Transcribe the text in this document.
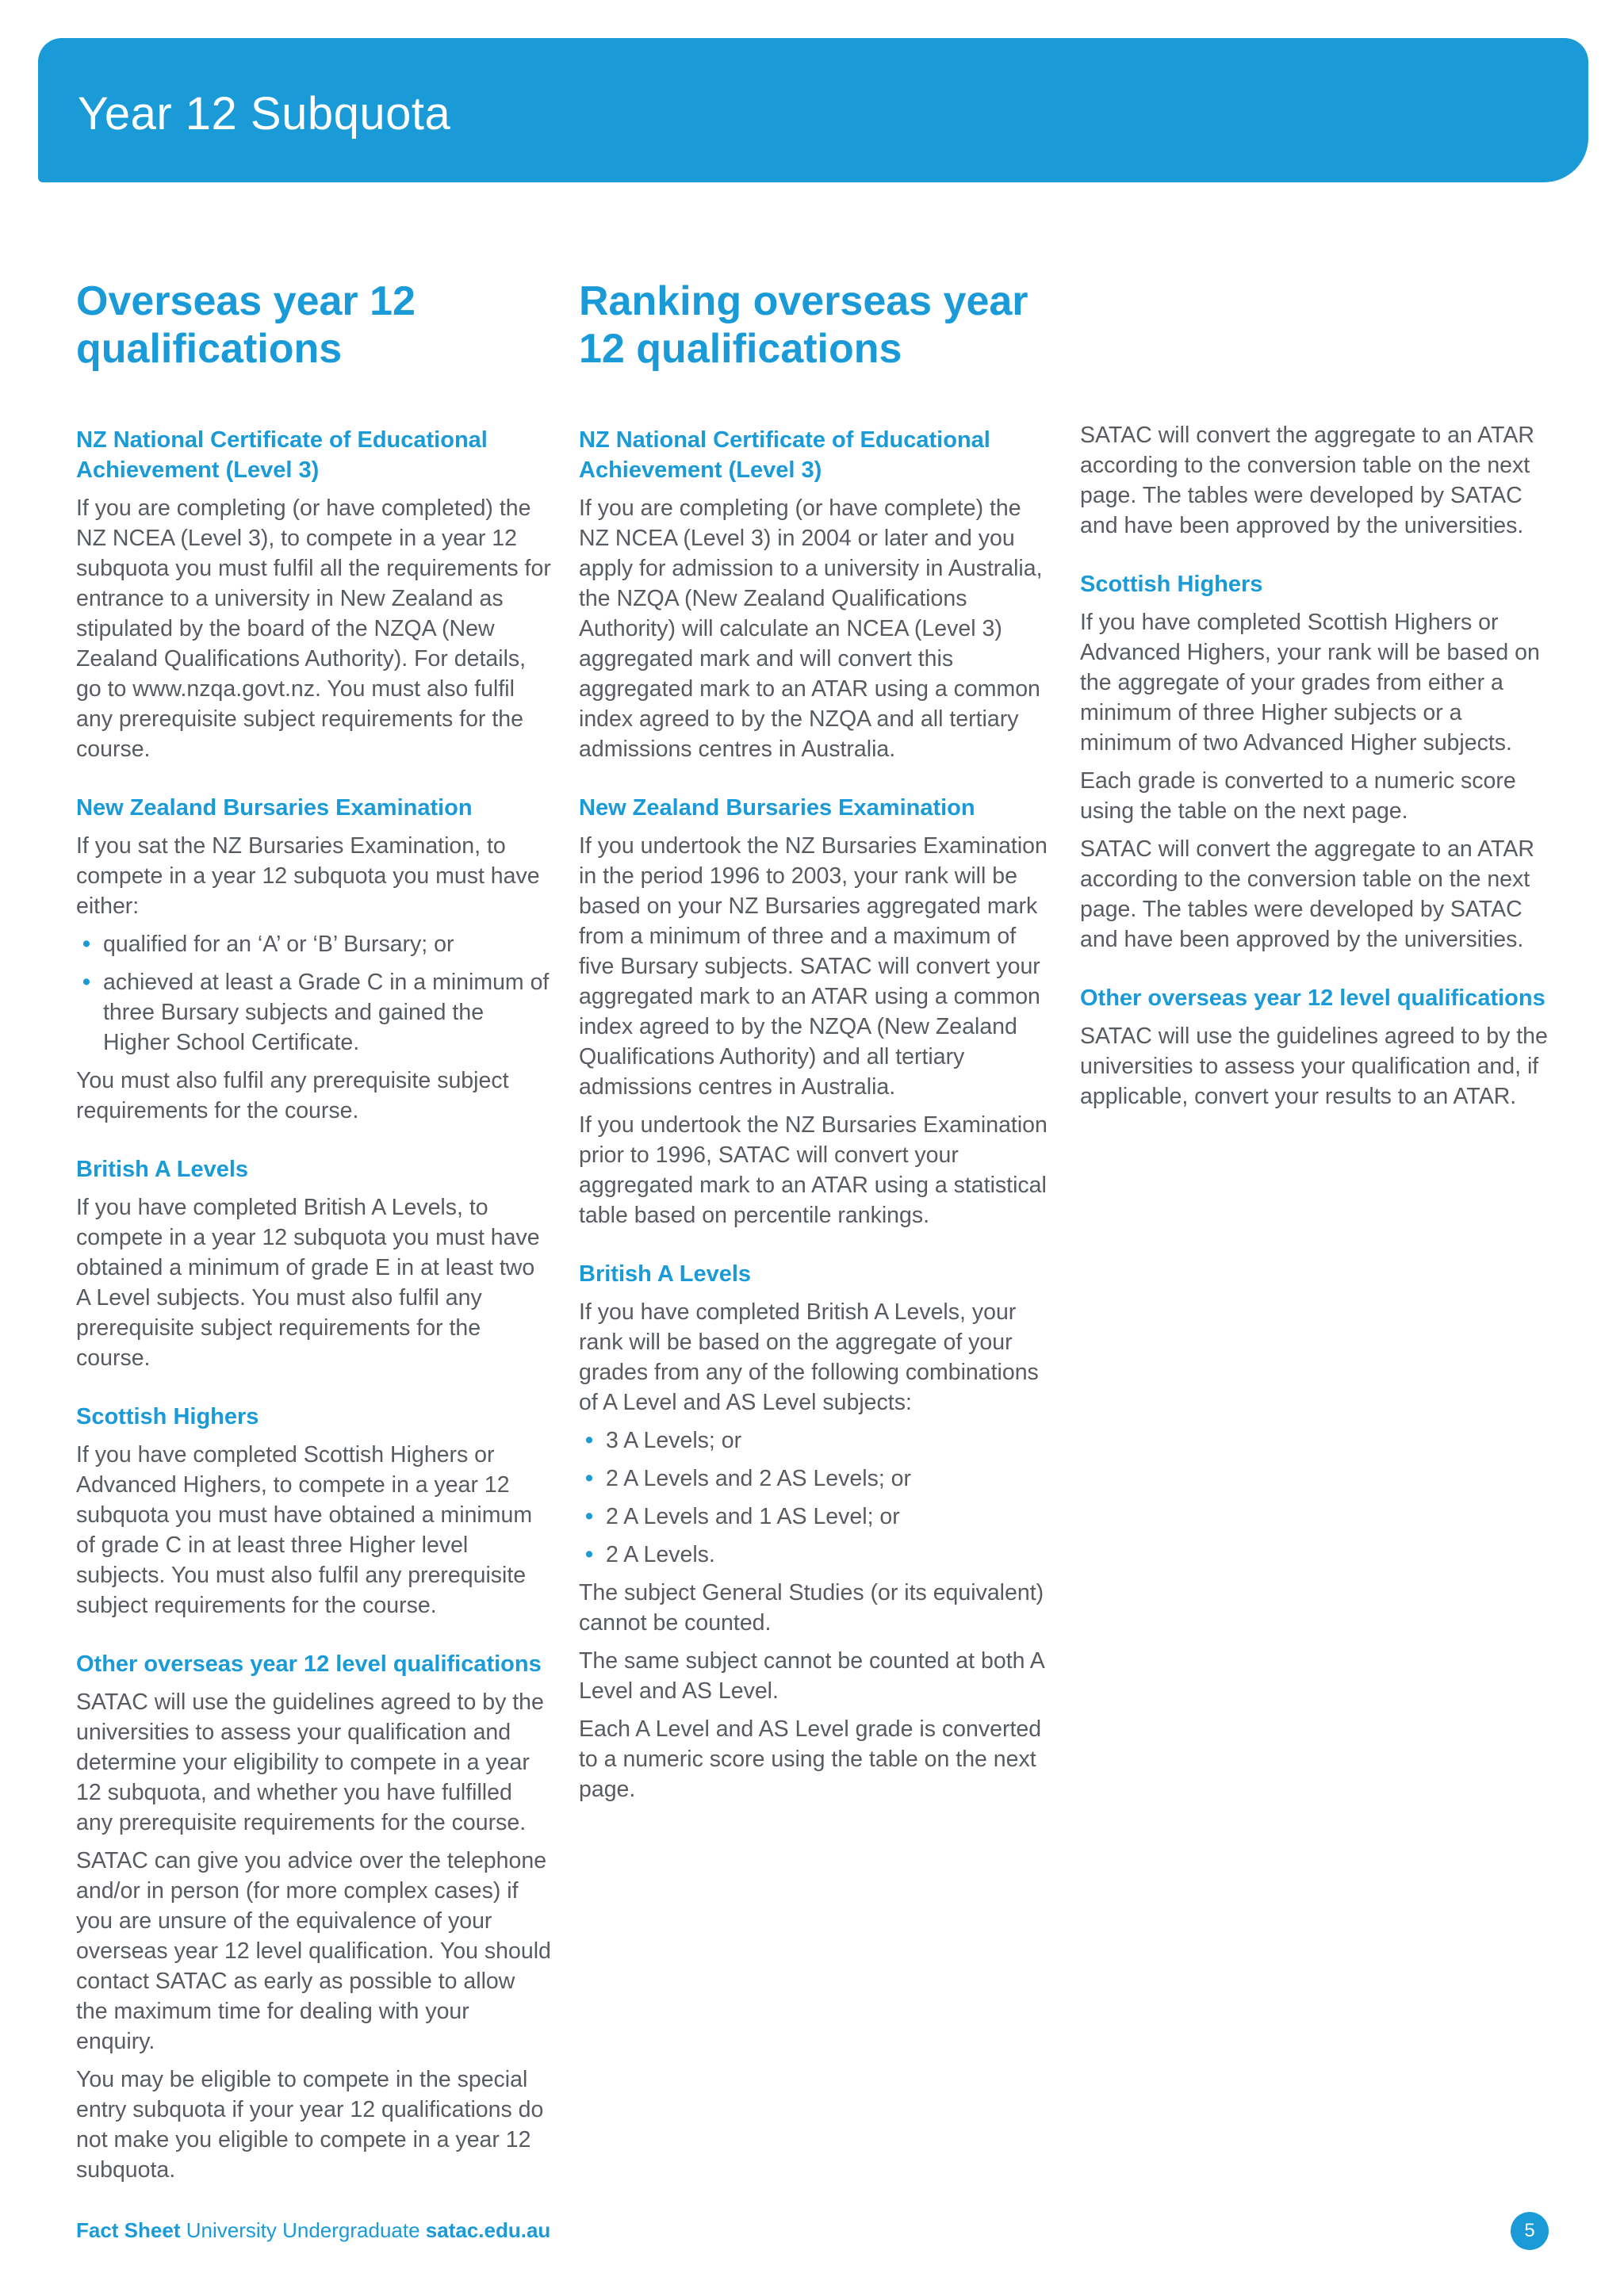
Year 12 Subquota
Overseas year 12 qualifications
NZ National Certificate of Educational Achievement (Level 3)

If you are completing (or have completed) the NZ NCEA (Level 3), to compete in a year 12 subquota you must fulfil all the requirements for entrance to a university in New Zealand as stipulated by the board of the NZQA (New Zealand Qualifications Authority). For details, go to www.nzqa.govt.nz. You must also fulfil any prerequisite subject requirements for the course.

New Zealand Bursaries Examination

If you sat the NZ Bursaries Examination, to compete in a year 12 subquota you must have either:

• qualified for an ‘A’ or ‘B’ Bursary; or
• achieved at least a Grade C in a minimum of three Bursary subjects and gained the Higher School Certificate.

You must also fulfil any prerequisite subject requirements for the course.

British A Levels

If you have completed British A Levels, to compete in a year 12 subquota you must have obtained a minimum of grade E in at least two A Level subjects. You must also fulfil any prerequisite subject requirements for the course.

Scottish Highers

If you have completed Scottish Highers or Advanced Highers, to compete in a year 12 subquota you must have obtained a minimum of grade C in at least three Higher level subjects. You must also fulfil any prerequisite subject requirements for the course.

Other overseas year 12 level qualifications

SATAC will use the guidelines agreed to by the universities to assess your qualification and determine your eligibility to compete in a year 12 subquota, and whether you have fulfilled any prerequisite requirements for the course.

SATAC can give you advice over the telephone and/or in person (for more complex cases) if you are unsure of the equivalence of your overseas year 12 level qualification. You should contact SATAC as early as possible to allow the maximum time for dealing with your enquiry.

You may be eligible to compete in the special entry subquota if your year 12 qualifications do not make you eligible to compete in a year 12 subquota.

Ranking overseas year 12 qualifications
NZ National Certificate of Educational Achievement (Level 3)

If you are completing (or have complete) the NZ NCEA (Level 3) in 2004 or later and you apply for admission to a university in Australia, the NZQA (New Zealand Qualifications Authority) will calculate an NCEA (Level 3) aggregated mark and will convert this aggregated mark to an ATAR using a common index agreed to by the NZQA and all tertiary admissions centres in Australia.

New Zealand Bursaries Examination

If you undertook the NZ Bursaries Examination in the period 1996 to 2003, your rank will be based on your NZ Bursaries aggregated mark from a minimum of three and a maximum of five Bursary subjects. SATAC will convert your aggregated mark to an ATAR using a common index agreed to by the NZQA (New Zealand Qualifications Authority) and all tertiary admissions centres in Australia.

If you undertook the NZ Bursaries Examination prior to 1996, SATAC will convert your aggregated mark to an ATAR using a statistical table based on percentile rankings.

British A Levels

If you have completed British A Levels, your rank will be based on the aggregate of your grades from any of the following combinations of A Level and AS Level subjects:

• 3 A Levels; or
• 2 A Levels and 2 AS Levels; or
• 2 A Levels and 1 AS Level; or
• 2 A Levels.

The subject General Studies (or its equivalent) cannot be counted.

The same subject cannot be counted at both A Level and AS Level.

Each A Level and AS Level grade is converted to a numeric score using the table on the next page.

SATAC will convert the aggregate to an ATAR according to the conversion table on the next page. The tables were developed by SATAC and have been approved by the universities.

Scottish Highers

If you have completed Scottish Highers or Advanced Highers, your rank will be based on the aggregate of your grades from either a minimum of three Higher subjects or a minimum of two Advanced Higher subjects.

Each grade is converted to a numeric score using the table on the next page.

SATAC will convert the aggregate to an ATAR according to the conversion table on the next page. The tables were developed by SATAC and have been approved by the universities.

Other overseas year 12 level qualifications

SATAC will use the guidelines agreed to by the universities to assess your qualification and, if applicable, convert your results to an ATAR.

Fact Sheet University Undergraduate satac.edu.au	5
